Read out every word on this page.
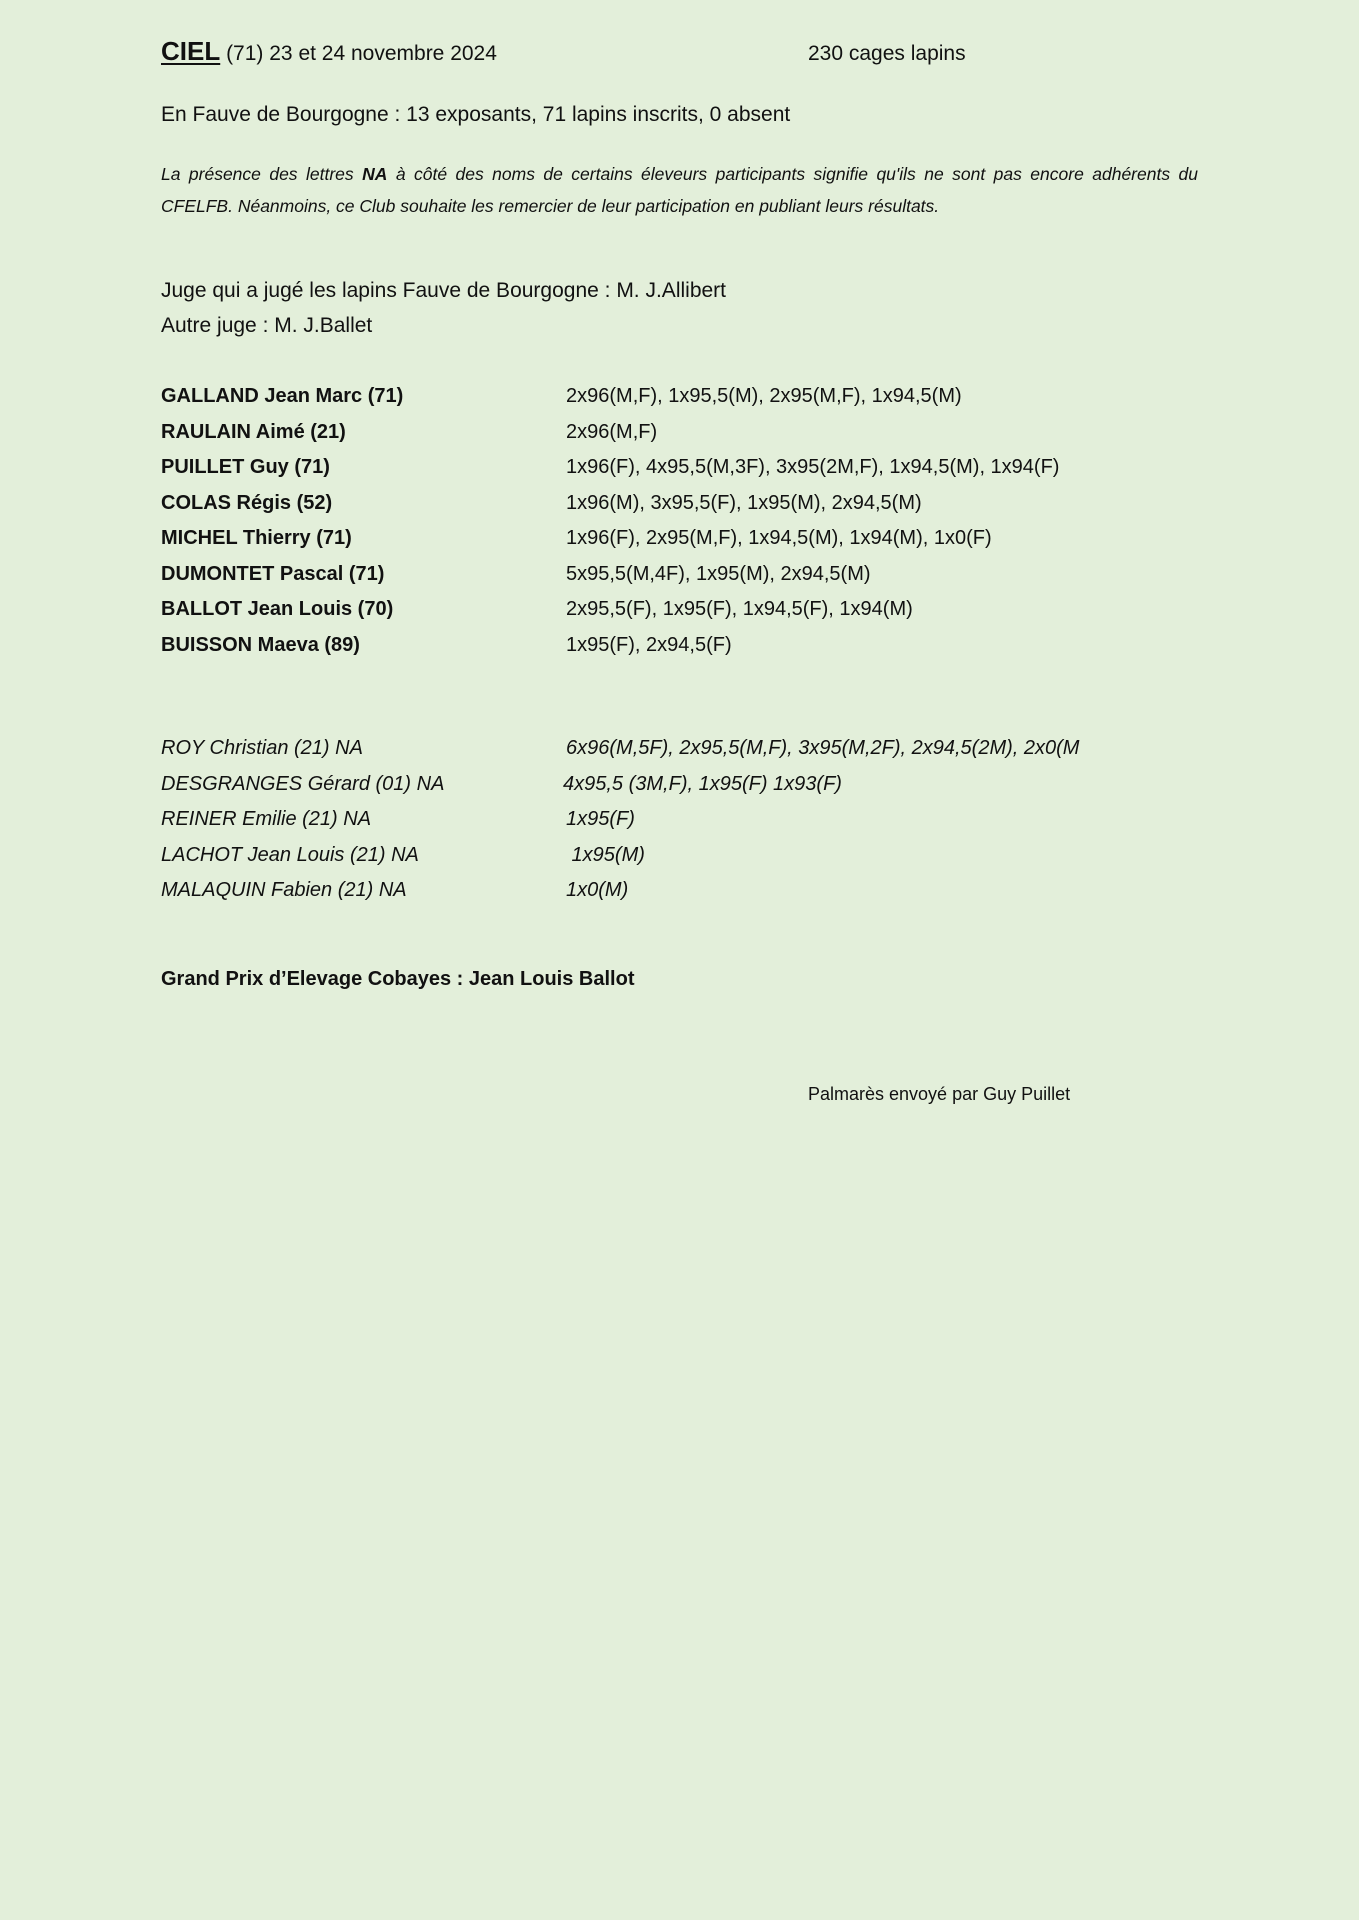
CIEL (71) 23 et 24 novembre 2024	230 cages lapins
En Fauve de Bourgogne : 13 exposants, 71 lapins inscrits, 0 absent
La présence des lettres NA à côté des noms de certains éleveurs participants signifie qu'ils ne sont pas encore adhérents du CFELFB. Néanmoins, ce Club souhaite les remercier de leur participation en publiant leurs résultats.
Juge qui a jugé les lapins Fauve de Bourgogne : M. J.Allibert
Autre juge : M. J.Ballet
GALLAND Jean Marc (71)	2x96(M,F), 1x95,5(M), 2x95(M,F), 1x94,5(M)
RAULAIN Aimé (21)	2x96(M,F)
PUILLET Guy (71)	1x96(F), 4x95,5(M,3F), 3x95(2M,F), 1x94,5(M), 1x94(F)
COLAS Régis (52)	1x96(M), 3x95,5(F), 1x95(M), 2x94,5(M)
MICHEL Thierry (71)	1x96(F), 2x95(M,F), 1x94,5(M), 1x94(M), 1x0(F)
DUMONTET Pascal (71)	5x95,5(M,4F), 1x95(M), 2x94,5(M)
BALLOT Jean Louis (70)	2x95,5(F), 1x95(F), 1x94,5(F), 1x94(M)
BUISSON Maeva (89)	1x95(F), 2x94,5(F)
ROY Christian (21) NA	6x96(M,5F), 2x95,5(M,F), 3x95(M,2F), 2x94,5(2M), 2x0(M
DESGRANGES Gérard (01) NA	4x95,5 (3M,F), 1x95(F) 1x93(F)
REINER Emilie (21) NA	1x95(F)
LACHOT Jean Louis (21) NA	1x95(M)
MALAQUIN Fabien (21) NA	1x0(M)
Grand Prix d’Elevage Cobayes : Jean Louis Ballot
Palmarès envoyé par Guy Puillet
